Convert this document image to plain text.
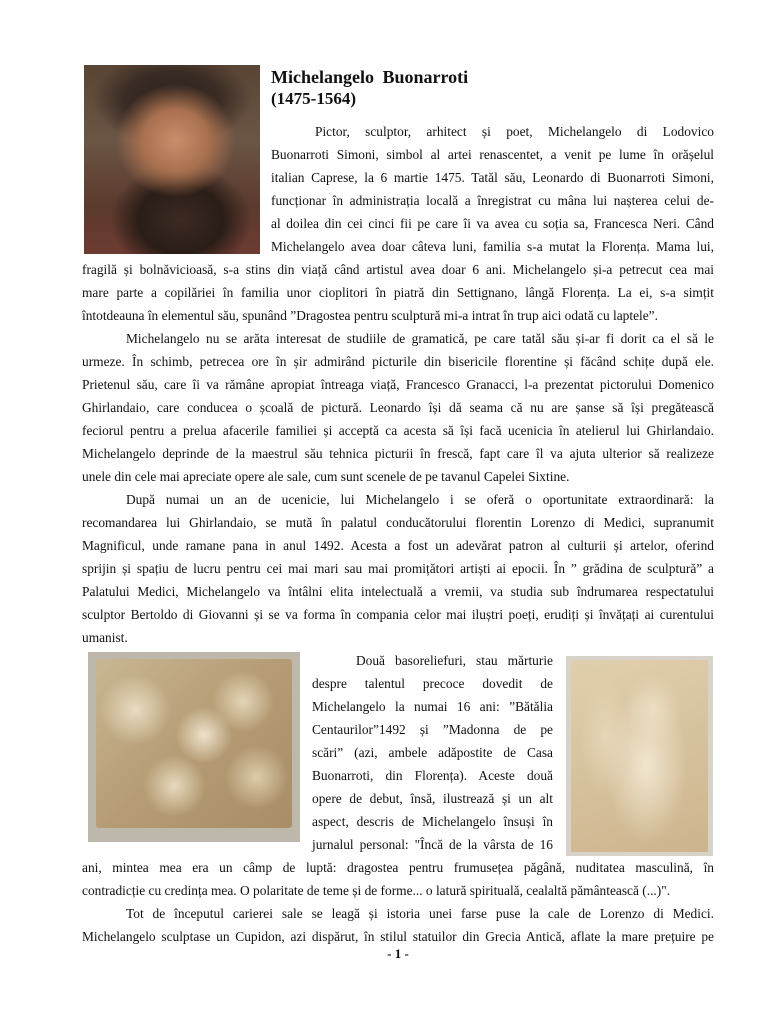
Michelangelo Buonarroti

(1475-1564)

Pictor, sculptor, arhitect și poet, Michelangelo di Lodovico

Buonarroti Simoni, simbol al artei renascentet, a venit pe lume în orășelul

italian Caprese, la 6 martie 1475. Tatăl său, Leonardo di Buonarroti Simoni,

funcționar în administrația locală a înregistrat cu mâna lui nașterea celui de-

al doilea din cei cinci fii pe care îi va avea cu soția sa, Francesca Neri. Când

Michelangelo avea doar câteva luni, familia s-a mutat la Florența. Mama lui,

fragilă și bolnăvicioasă, s-a stins din viață când artistul avea doar 6 ani. Michelangelo și-a petrecut cea mai

mare parte a copilăriei în familia unor cioplitori în piatră din Settignano, lângă Florența. La ei, s-a simțit

întotdeauna în elementul său, spunând ”Dragostea pentru sculptură mi-a intrat în trup aici odată cu laptele”.

Michelangelo nu se arăta interesat de studiile de gramatică, pe care tatăl său și-ar fi dorit ca el să le

urmeze. În schimb, petrecea ore în șir admirând picturile din bisericile florentine și făcând schițe după ele.

Prietenul său, care îi va rămâne apropiat întreaga viață, Francesco Granacci, l-a prezentat pictorului Domenico

Ghirlandaio, care conducea o școală de pictură. Leonardo își dă seama că nu are șanse să își pregătească

feciorul pentru a prelua afacerile familiei și acceptă ca acesta să își facă ucenicia în atelierul lui Ghirlandaio.

Michelangelo deprinde de la maestrul său tehnica picturii în frescă, fapt care îl va ajuta ulterior să realizeze

unele din cele mai apreciate opere ale sale, cum sunt scenele de pe tavanul Capelei Sixtine.

După numai un an de ucenicie, lui Michelangelo i se oferă o oportunitate extraordinară: la

recomandarea lui Ghirlandaio, se mută în palatul conducătorului florentin Lorenzo di Medici, supranumit

Magnificul, unde ramane pana in anul 1492. Acesta a fost un adevărat patron al culturii și artelor, oferind

sprijin și spațiu de lucru pentru cei mai mari sau mai promițători artiști ai epocii. În ” grădina de sculptură” a

Palatului Medici, Michelangelo va întâlni elita intelectuală a vremii, va studia sub îndrumarea respectatului

sculptor Bertoldo di Giovanni și se va forma în compania celor mai iluștri poeți, erudiți și învățați ai curentului

umanist.

Două basoreliefuri, stau mărturie

despre talentul precoce dovedit de

Michelangelo la numai 16 ani: ”Bătălia

Centaurilor”1492 și ”Madonna de pe

scări” (azi, ambele adăpostite de Casa

Buonarroti, din Florența). Aceste două

opere de debut, însă, ilustrează și un alt

aspect, descris de Michelangelo însuși în

jurnalul personal: "Încă de la vârsta de 16

ani, mintea mea era un câmp de luptă: dragostea pentru frumusețea păgână, nuditatea masculină, în

contradicție cu credința mea. O polaritate de teme și de forme... o latură spirituală, cealaltă pământească (...)".

Tot de începutul carierei sale se leagă și istoria unei farse puse la cale de Lorenzo di Medici.

Michelangelo sculptase un Cupidon, azi dispărut, în stilul statuilor din Grecia Antică, aflate la mare prețuire pe

- 1 -
